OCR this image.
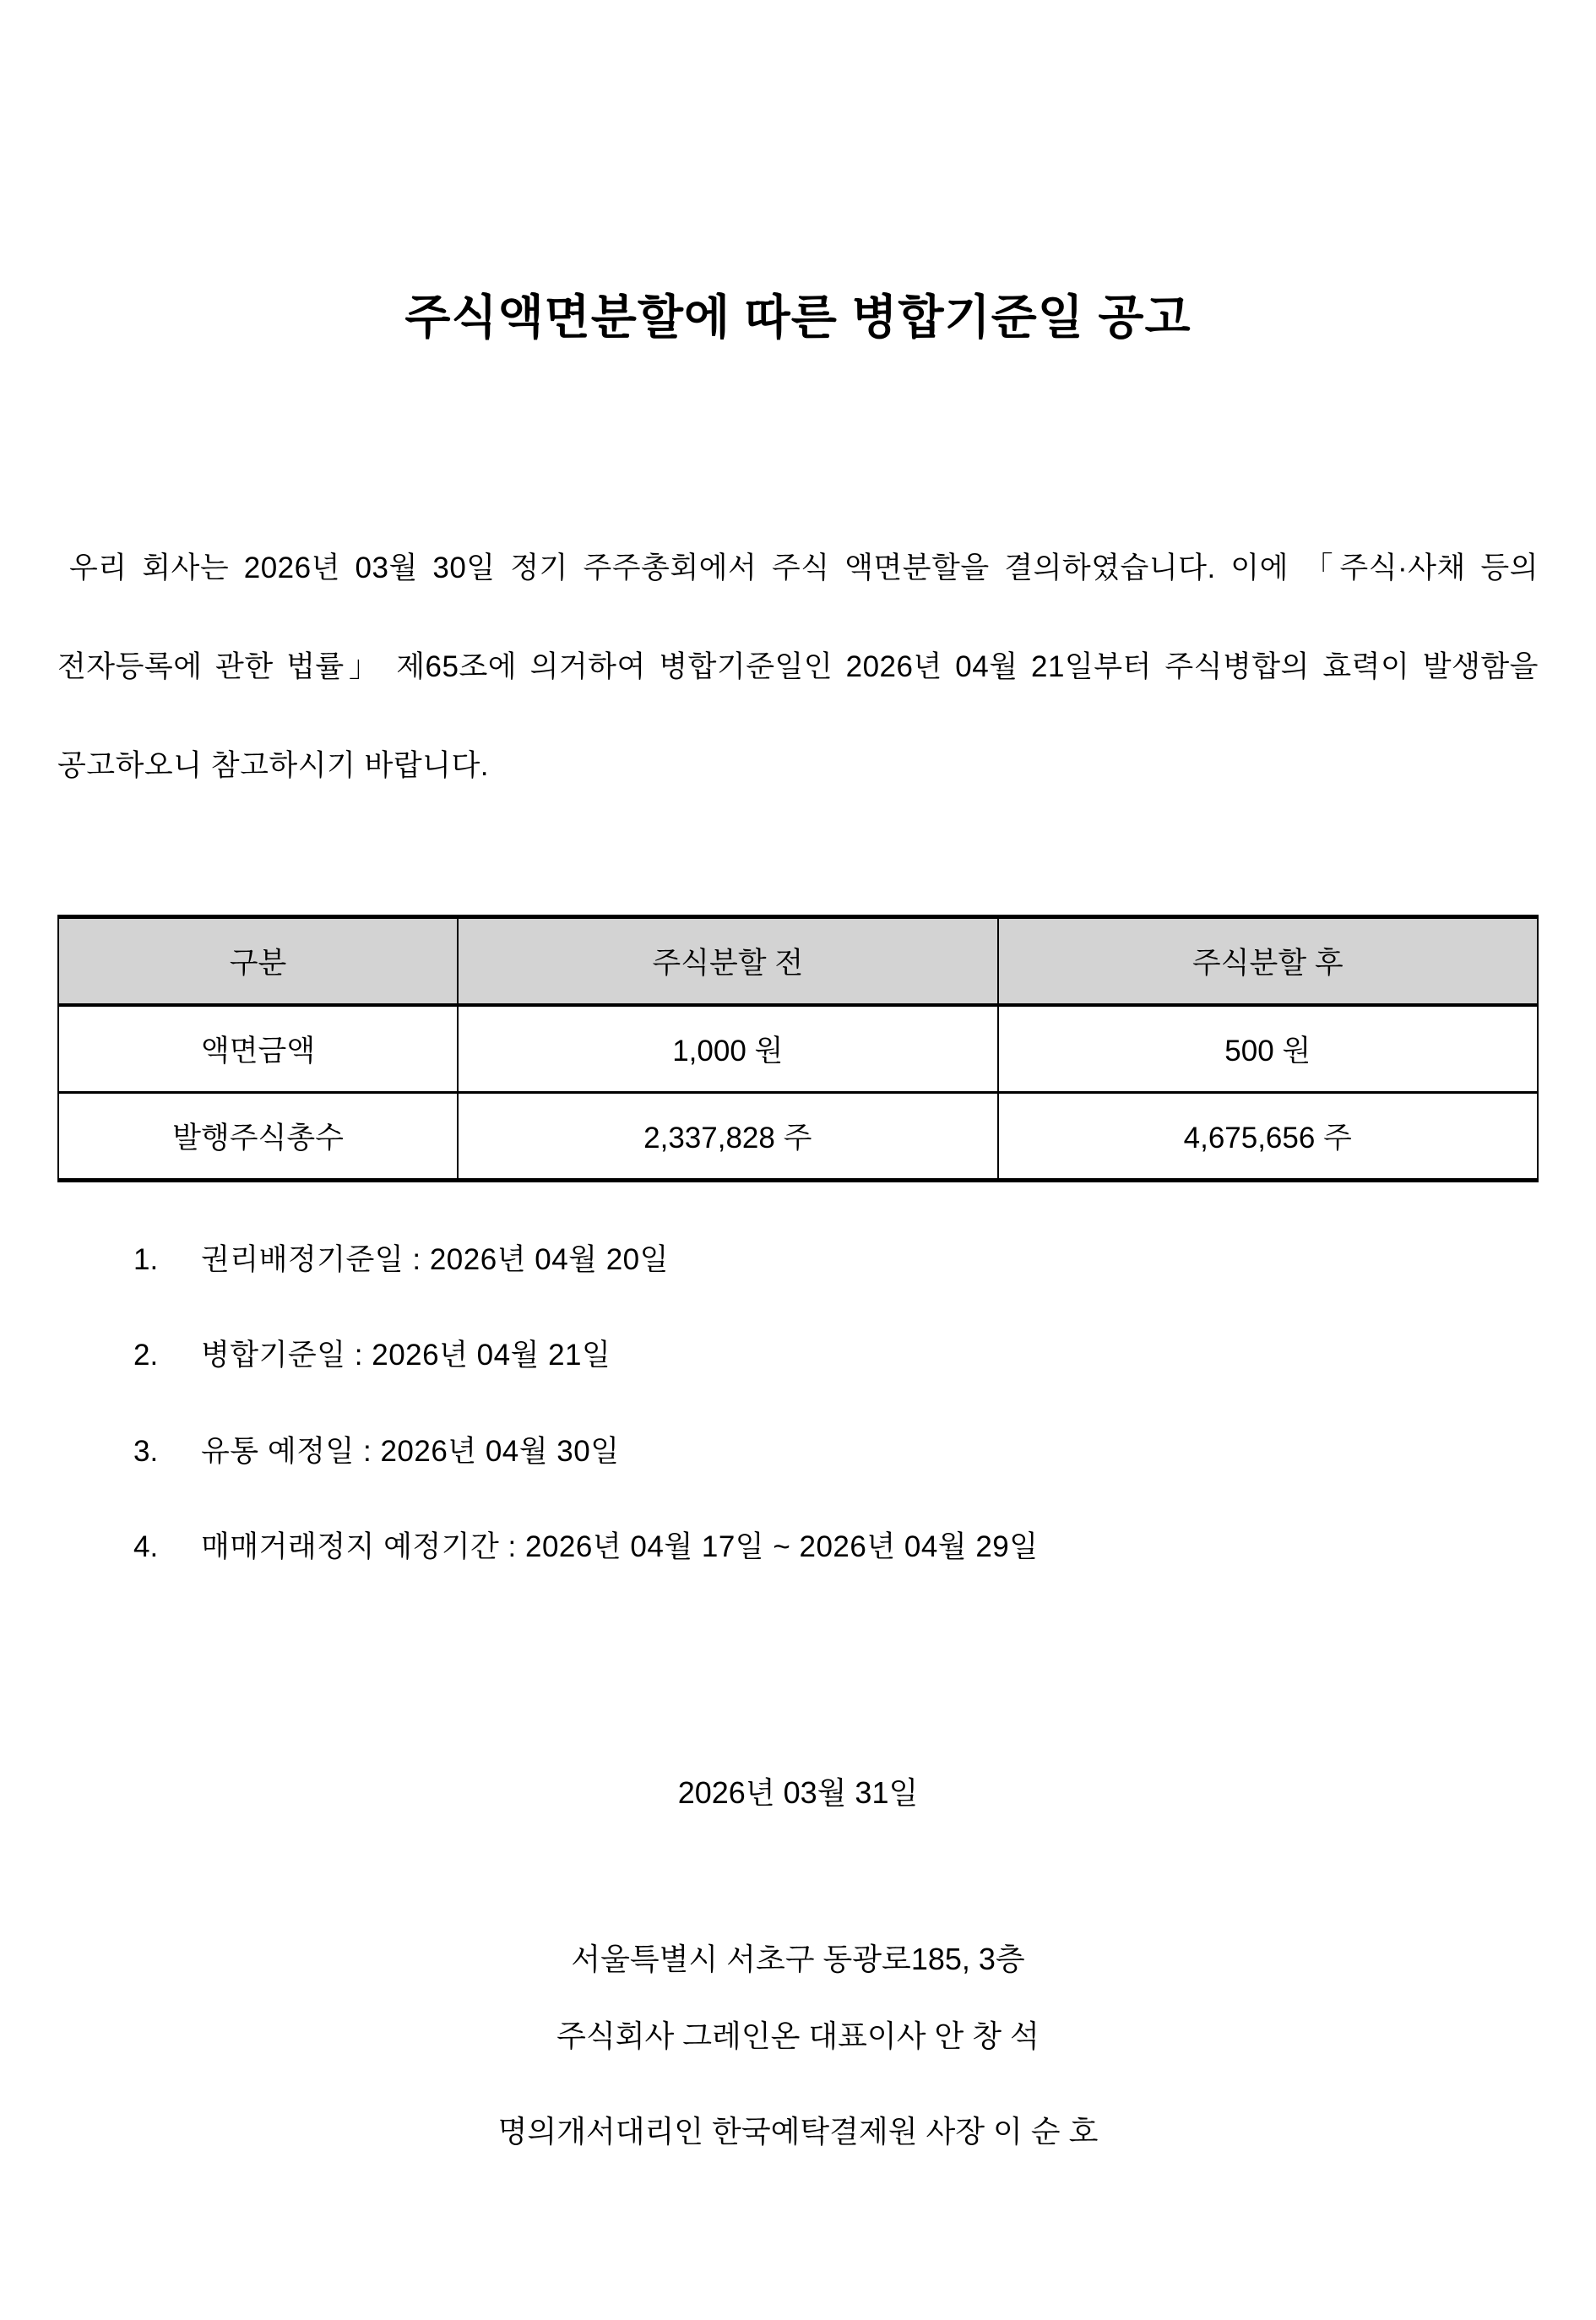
주식액면분할에 따른 병합기준일 공고

우리 회사는 2026년 03월 30일 정기 주주총회에서 주식 액면분할을 결의하였습니다. 이에 「주식·사채 등의 전자등록에 관한 법률」 제65조에 의거하여 병합기준일인 2026년 04월 21일부터 주식병합의 효력이 발생함을 공고하오니 참고하시기 바랍니다.

구분	주식분할 전	주식분할 후
액면금액	1,000 원	500 원
발행주식총수	2,337,828 주	4,675,656 주
1.	권리배정기준일 : 2026년 04월 20일
2.	병합기준일 : 2026년 04월 21일
3.	유통 예정일 : 2026년 04월 30일
4.	매매거래정지 예정기간 : 2026년 04월 17일 ~ 2026년 04월 29일
2026년 03월 31일
서울특별시 서초구 동광로185, 3층
주식회사 그레인온 대표이사 안 창 석
명의개서대리인 한국예탁결제원 사장 이 순 호
